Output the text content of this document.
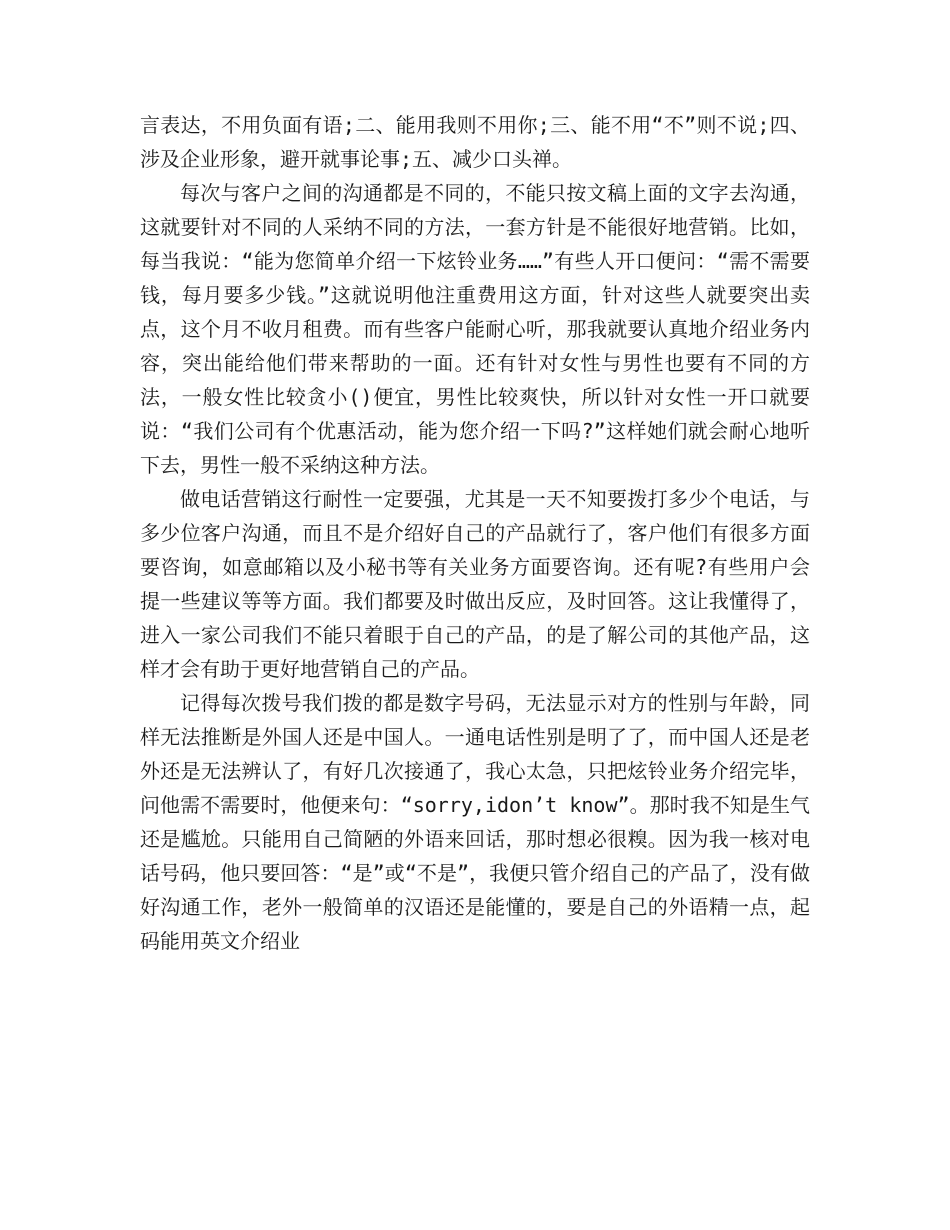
言表达，不用负面有语;二、能用我则不用你;三、能不用“不”则不说;四、涉及企业形象，避开就事论事;五、减少口头禅。

每次与客户之间的沟通都是不同的，不能只按文稿上面的文字去沟通，这就要针对不同的人采纳不同的方法，一套方针是不能很好地营销。比如，每当我说：“能为您简单介绍一下炫铃业务……”有些人开口便问：“需不需要钱，每月要多少钱。”这就说明他注重费用这方面，针对这些人就要突出卖点，这个月不收月租费。而有些客户能耐心听，那我就要认真地介绍业务内容，突出能给他们带来帮助的一面。还有针对女性与男性也要有不同的方法，一般女性比较贪小()便宜，男性比较爽快，所以针对女性一开口就要说：“我们公司有个优惠活动，能为您介绍一下吗?”这样她们就会耐心地听下去，男性一般不采纳这种方法。

做电话营销这行耐性一定要强，尤其是一天不知要拨打多少个电话，与多少位客户沟通，而且不是介绍好自己的产品就行了，客户他们有很多方面要咨询，如意邮箱以及小秘书等有关业务方面要咨询。还有呢?有些用户会提一些建议等等方面。我们都要及时做出反应，及时回答。这让我懂得了，进入一家公司我们不能只着眼于自己的产品，的是了解公司的其他产品，这样才会有助于更好地营销自己的产品。

记得每次拨号我们拨的都是数字号码，无法显示对方的性别与年龄，同样无法推断是外国人还是中国人。一通电话性别是明了了，而中国人还是老外还是无法辨认了，有好几次接通了，我心太急，只把炫铃业务介绍完毕，问他需不需要时，他便来句：“sorry,idon’t know”。那时我不知是生气还是尴尬。只能用自己简陋的外语来回话，那时想必很糗。因为我一核对电话号码，他只要回答：“是”或“不是”，我便只管介绍自己的产品了，没有做好沟通工作，老外一般简单的汉语还是能懂的，要是自己的外语精一点，起码能用英文介绍业
